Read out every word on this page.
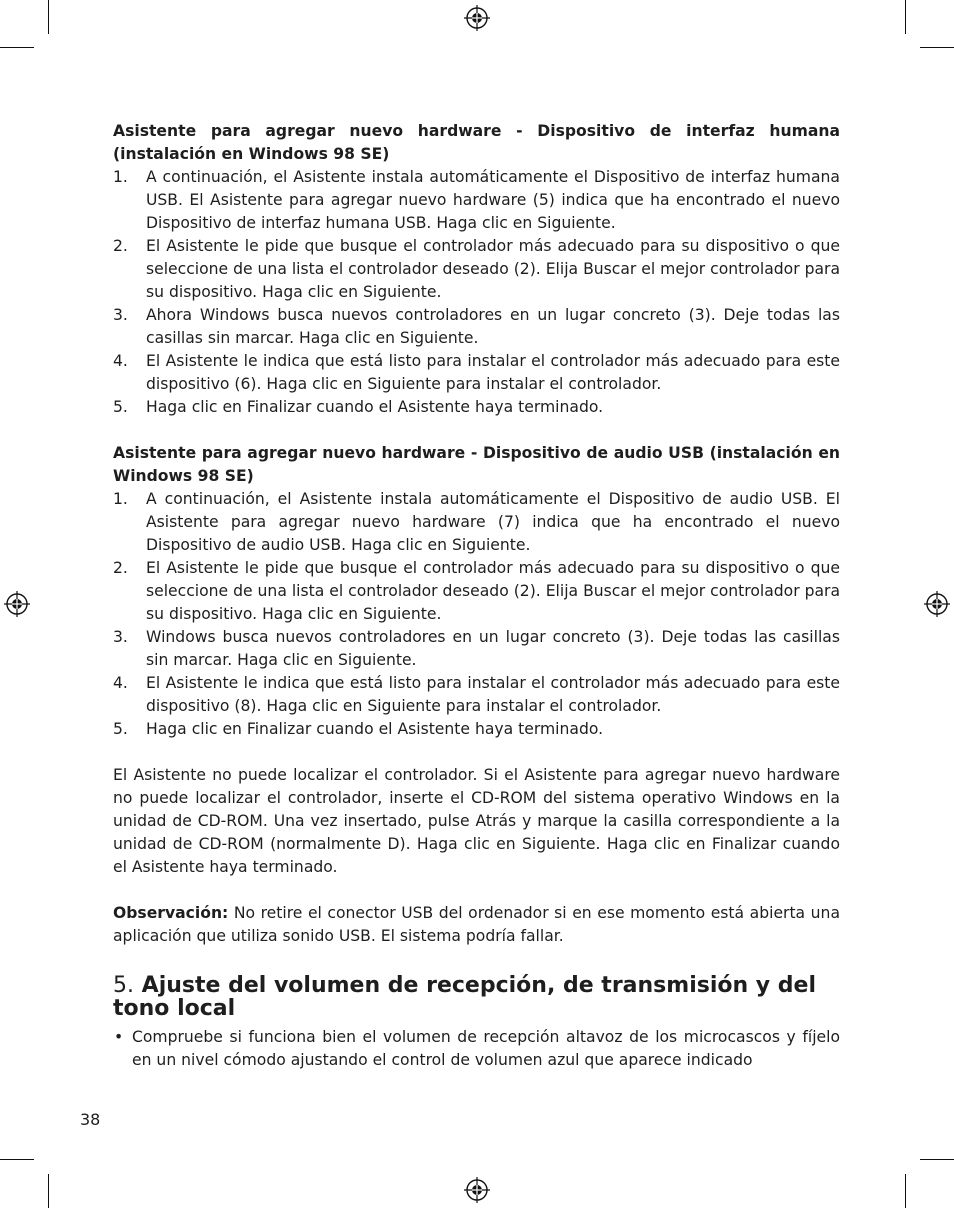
Asistente para agregar nuevo hardware - Dispositivo de interfaz humana (instalación en Windows 98 SE)

1. A continuación, el Asistente instala automáticamente el Dispositivo de interfaz humana USB. El Asistente para agregar nuevo hardware (5) indica que ha encontrado el nuevo Dispositivo de interfaz humana USB. Haga clic en Siguiente.
2. El Asistente le pide que busque el controlador más adecuado para su dispositivo o que seleccione de una lista el controlador deseado (2). Elija Buscar el mejor controlador para su dispositivo. Haga clic en Siguiente.
3. Ahora Windows busca nuevos controladores en un lugar concreto (3). Deje todas las casillas sin marcar. Haga clic en Siguiente.
4. El Asistente le indica que está listo para instalar el controlador más adecuado para este dispositivo (6). Haga clic en Siguiente para instalar el controlador.
5. Haga clic en Finalizar cuando el Asistente haya terminado.

Asistente para agregar nuevo hardware - Dispositivo de audio USB (instalación en Windows 98 SE)

1. A continuación, el Asistente instala automáticamente el Dispositivo de audio USB. El Asistente para agregar nuevo hardware (7) indica que ha encontrado el nuevo Dispositivo de audio USB. Haga clic en Siguiente.
2. El Asistente le pide que busque el controlador más adecuado para su dispositivo o que seleccione de una lista el controlador deseado (2). Elija Buscar el mejor controlador para su dispositivo. Haga clic en Siguiente.
3. Windows busca nuevos controladores en un lugar concreto (3). Deje todas las casillas sin marcar. Haga clic en Siguiente.
4. El Asistente le indica que está listo para instalar el controlador más adecuado para este dispositivo (8). Haga clic en Siguiente para instalar el controlador.
5. Haga clic en Finalizar cuando el Asistente haya terminado.

El Asistente no puede localizar el controlador. Si el Asistente para agregar nuevo hardware no puede localizar el controlador, inserte el CD-ROM del sistema operativo Windows en la unidad de CD-ROM. Una vez insertado, pulse Atrás y marque la casilla correspondiente a la unidad de CD-ROM (normalmente D). Haga clic en Siguiente. Haga clic en Finalizar cuando el Asistente haya terminado.

Observación: No retire el conector USB del ordenador si en ese momento está abierta una aplicación que utiliza sonido USB. El sistema podría fallar.

5. Ajuste del volumen de recepción, de transmisión y del tono local
• Compruebe si funciona bien el volumen de recepción altavoz de los microcascos y fíjelo en un nivel cómodo ajustando el control de volumen azul que aparece indicado
38
